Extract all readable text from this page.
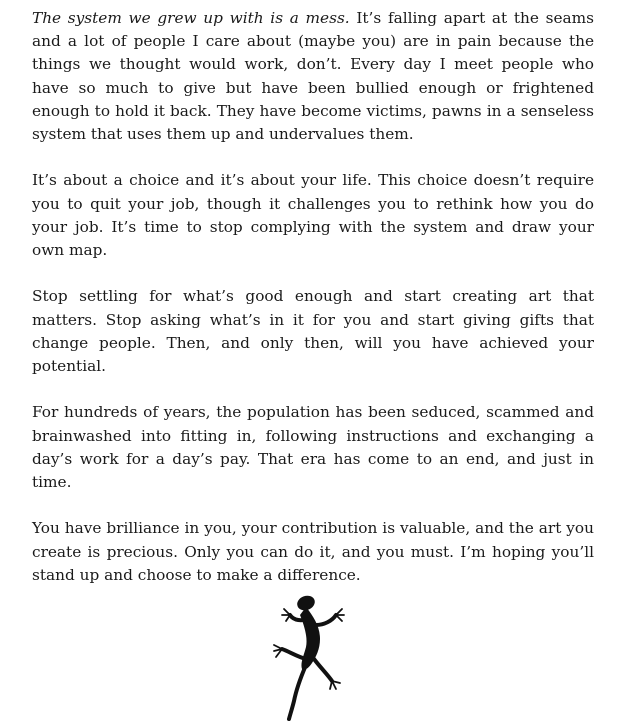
The system we grew up with is a mess. It’s falling apart at the seams and a lot of people I care about (maybe you) are in pain because the things we thought would work, don’t. Every day I meet people who have so much to give but have been bullied enough or frightened enough to hold it back. They have become victims, pawns in a senseless system that uses them up and undervalues them.

It’s about a choice and it’s about your life. This choice doesn’t require you to quit your job, though it challenges you to rethink how you do your job. It’s time to stop complying with the system and draw your own map.

Stop settling for what’s good enough and start creating art that matters. Stop asking what’s in it for you and start giving gifts that change people. Then, and only then, will you have achieved your potential.

For hundreds of years, the population has been seduced, scammed and brainwashed into fitting in, following instructions and exchanging a day’s work for a day’s pay. That era has come to an end, and just in time.

You have brilliance in you, your contribution is valuable, and the art you create is precious. Only you can do it, and you must. I’m hoping you’ll stand up and choose to make a difference.
